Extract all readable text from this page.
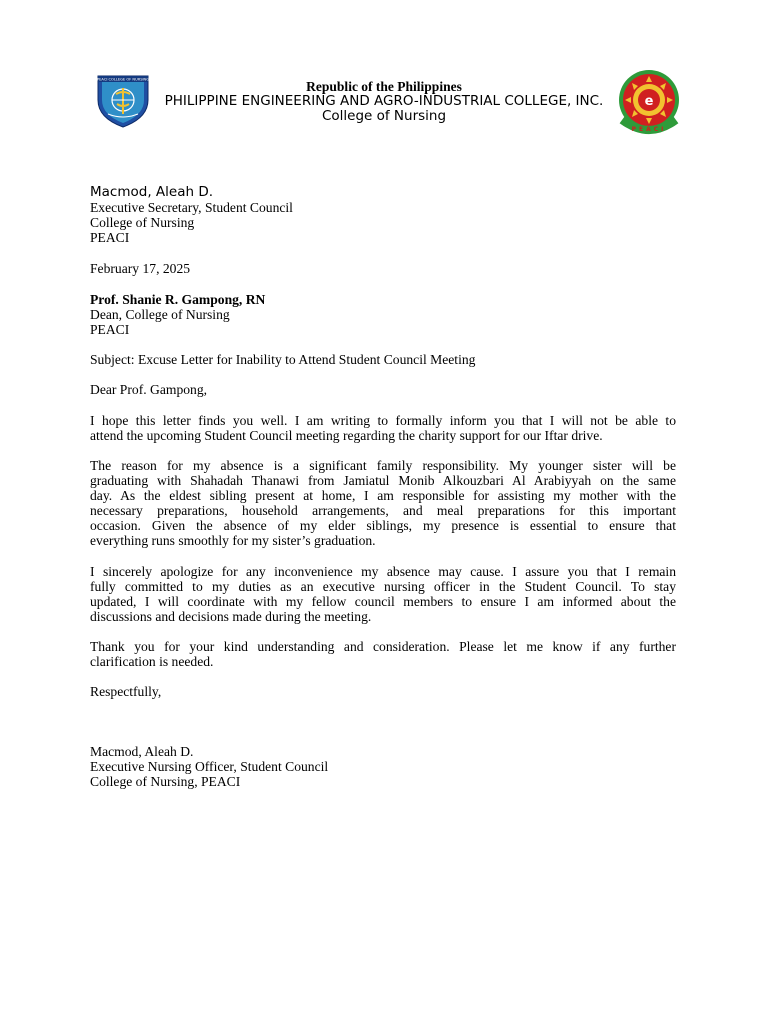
PEACI COLLEGE OF NURSING
e
PEACI
Republic of the Philippines
PHILIPPINE ENGINEERING AND AGRO-INDUSTRIAL COLLEGE, INC.
College of Nursing
Macmod, Aleah D.
Executive Secretary, Student Council
College of Nursing
PEACI
February 17, 2025
Prof. Shanie R. Gampong, RN
Dean, College of Nursing
PEACI
Subject: Excuse Letter for Inability to Attend Student Council Meeting
Dear Prof. Gampong,
I hope this letter finds you well. I am writing to formally inform you that I will not be able to
attend the upcoming Student Council meeting regarding the charity support for our Iftar drive.
The reason for my absence is a significant family responsibility. My younger sister will be
graduating with Shahadah Thanawi from Jamiatul Monib Alkouzbari Al Arabiyyah on the same
day. As the eldest sibling present at home, I am responsible for assisting my mother with the
necessary preparations, household arrangements, and meal preparations for this important
occasion. Given the absence of my elder siblings, my presence is essential to ensure that
everything runs smoothly for my sister’s graduation.
I sincerely apologize for any inconvenience my absence may cause. I assure you that I remain
fully committed to my duties as an executive nursing officer in the Student Council. To stay
updated, I will coordinate with my fellow council members to ensure I am informed about the
discussions and decisions made during the meeting.
Thank you for your kind understanding and consideration. Please let me know if any further
clarification is needed.
Respectfully,
Macmod, Aleah D.
Executive Nursing Officer, Student Council
College of Nursing, PEACI
